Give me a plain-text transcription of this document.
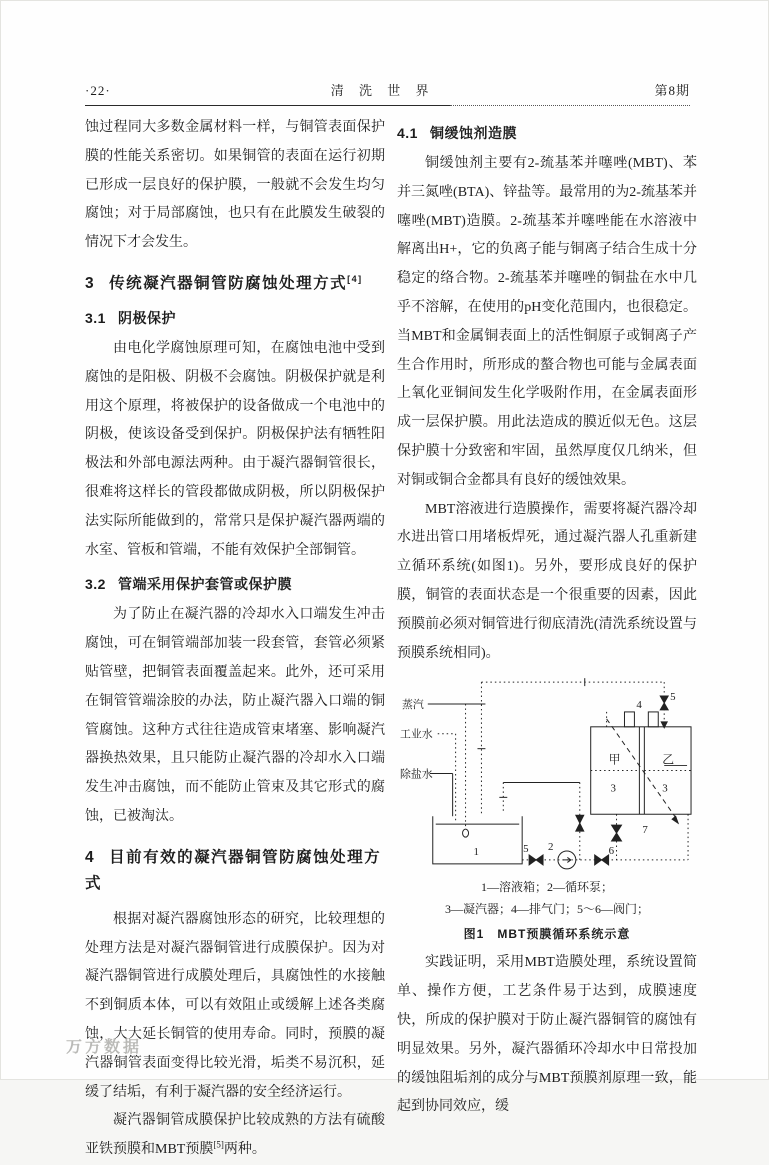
·22·	清 洗 世 界	第8期

蚀过程同大多数金属材料一样，与铜管表面保护膜的性能关系密切。如果铜管的表面在运行初期已形成一层良好的保护膜，一般就不会发生均匀腐蚀；对于局部腐蚀，也只有在此膜发生破裂的情况下才会发生。

3 传统凝汽器铜管防腐蚀处理方式[4]
3.1 阴极保护

由电化学腐蚀原理可知，在腐蚀电池中受到腐蚀的是阳极、阴极不会腐蚀。阴极保护就是利用这个原理，将被保护的设备做成一个电池中的阴极，使该设备受到保护。阴极保护法有牺牲阳极法和外部电源法两种。由于凝汽器铜管很长，很难将这样长的管段都做成阴极，所以阴极保护法实际所能做到的，常常只是保护凝汽器两端的水室、管板和管端，不能有效保护全部铜管。

3.2 管端采用保护套管或保护膜

为了防止在凝汽器的冷却水入口端发生冲击腐蚀，可在铜管端部加装一段套管，套管必须紧贴管壁，把铜管表面覆盖起来。此外，还可采用在铜管管端涂胶的办法，防止凝汽器入口端的铜管腐蚀。这种方式往往造成管束堵塞、影响凝汽器换热效果，且只能防止凝汽器的冷却水入口端发生冲击腐蚀，而不能防止管束及其它形式的腐蚀，已被淘汰。

4 目前有效的凝汽器铜管防腐蚀处理方式

根据对凝汽器腐蚀形态的研究，比较理想的处理方法是对凝汽器铜管进行成膜保护。因为对凝汽器铜管进行成膜处理后，具腐蚀性的水接触不到铜质本体，可以有效阻止或缓解上述各类腐蚀，大大延长铜管的使用寿命。同时，预膜的凝汽器铜管表面变得比较光滑，垢类不易沉积，延缓了结垢，有利于凝汽器的安全经济运行。

凝汽器铜管成膜保护比较成熟的方法有硫酸亚铁预膜和MBT预膜[5]两种。

4.1 铜缓蚀剂造膜

铜缓蚀剂主要有2-巯基苯并噻唑(MBT)、苯并三氮唑(BTA)、锌盐等。最常用的为2-巯基苯并噻唑(MBT)造膜。2-巯基苯并噻唑能在水溶液中解离出H+，它的负离子能与铜离子结合生成十分稳定的络合物。2-巯基苯并噻唑的铜盐在水中几乎不溶解，在使用的pH变化范围内，也很稳定。当MBT和金属铜表面上的活性铜原子或铜离子产生合作用时，所形成的螯合物也可能与金属表面上氧化亚铜间发生化学吸附作用，在金属表面形成一层保护膜。用此法造成的膜近似无色。这层保护膜十分致密和牢固，虽然厚度仅几纳米，但对铜或铜合金都具有良好的缓蚀效果。

MBT溶液进行造膜操作，需要将凝汽器冷却水进出管口用堵板焊死，通过凝汽器人孔重新建立循环系统(如图1)。另外，要形成良好的保护膜，铜管的表面状态是一个很重要的因素，因此预膜前必须对铜管进行彻底清洗(清洗系统设置与预膜系统相同)。

蒸汽
工业水
除盐水
1	2
5
5
6
4
7
甲	乙
3	3
1—溶液箱；2—循环泵；
3—凝汽器；4—排气门；5～6—阀门；
图1　MBT预膜循环系统示意

实践证明，采用MBT造膜处理，系统设置简单、操作方便，工艺条件易于达到，成膜速度快，所成的保护膜对于防止凝汽器铜管的腐蚀有明显效果。另外，凝汽器循环冷却水中日常投加的缓蚀阻垢剂的成分与MBT预膜剂原理一致，能起到协同效应，缓

万方数据
